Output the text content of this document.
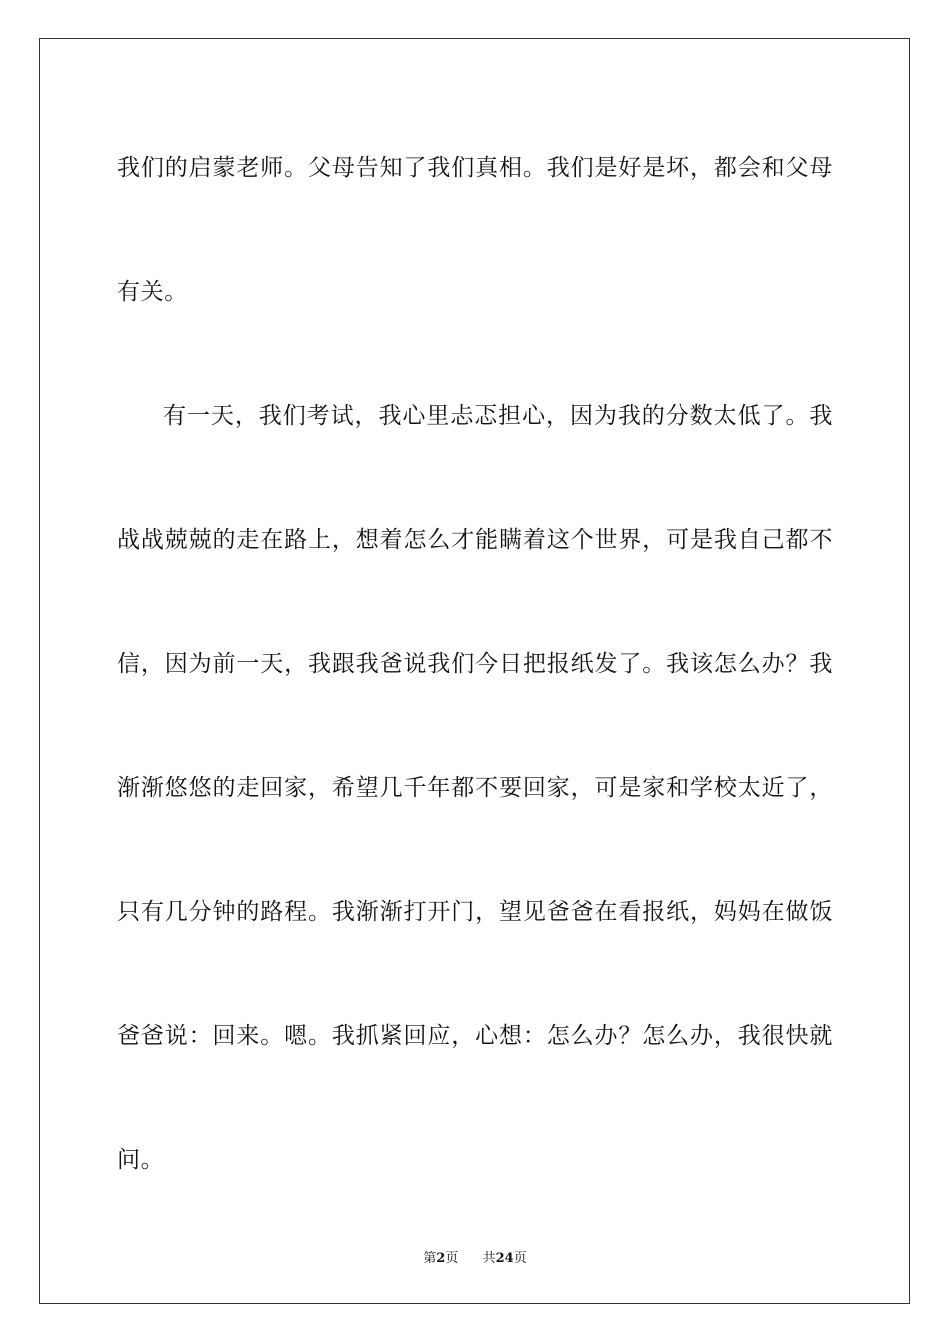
我们的启蒙老师。父母告知了我们真相。我们是好是坏，都会和父母
有关。
有一天，我们考试，我心里忐忑担心，因为我的分数太低了。我
战战兢兢的走在路上，想着怎么才能瞒着这个世界，可是我自己都不
信，因为前一天，我跟我爸说我们今日把报纸发了。我该怎么办？我
渐渐悠悠的走回家，希望几千年都不要回家，可是家和学校太近了，
只有几分钟的路程。我渐渐打开门，望见爸爸在看报纸，妈妈在做饭
爸爸说：回来。嗯。我抓紧回应，心想：怎么办？怎么办，我很快就
问。
第2页 共24页
